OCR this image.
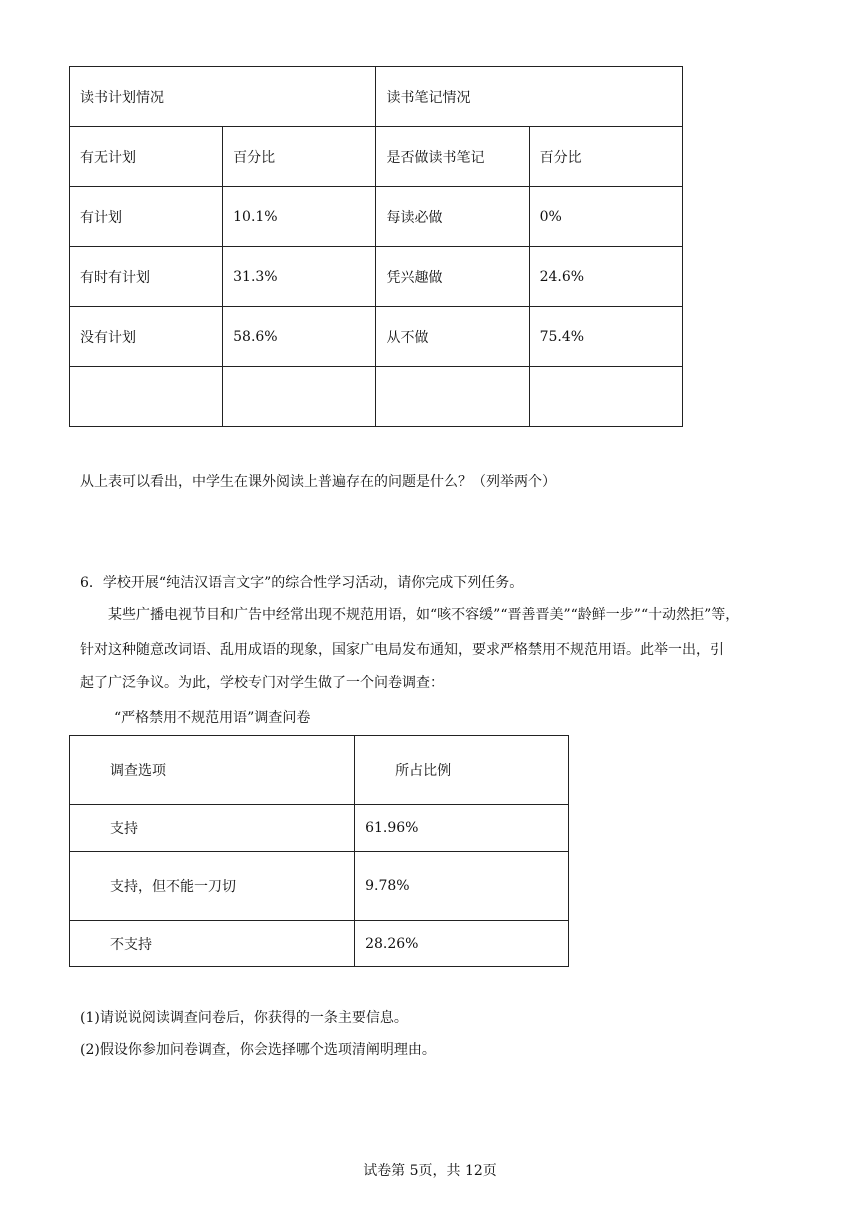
读书计划情况		读书笔记情况	
有无计划	百分比	是否做读书笔记	百分比
有计划	10.1%	每读必做	0%
有时有计划	31.3%	凭兴趣做	24.6%
没有计划	58.6%	从不做	75.4%

从上表可以看出，中学生在课外阅读上普遍存在的问题是什么？（列举两个）
6．学校开展“纯洁汉语言文字”的综合性学习活动，请你完成下列任务。
某些广播电视节目和广告中经常出现不规范用语，如“咳不容缓”“晋善晋美”“龄鲜一步”“十动然拒”等，
针对这种随意改词语、乱用成语的现象，国家广电局发布通知，要求严格禁用不规范用语。此举一出，引
起了广泛争议。为此，学校专门对学生做了一个问卷调查：
“严格禁用不规范用语”调查问卷
调查选项	所占比例
支持	61.96%
支持，但不能一刀切	9.78%
不支持	28.26%
(1)请说说阅读调查问卷后，你获得的一条主要信息。
(2)假设你参加问卷调查，你会选择哪个选项清阐明理由。
试卷第 5页，共 12页
